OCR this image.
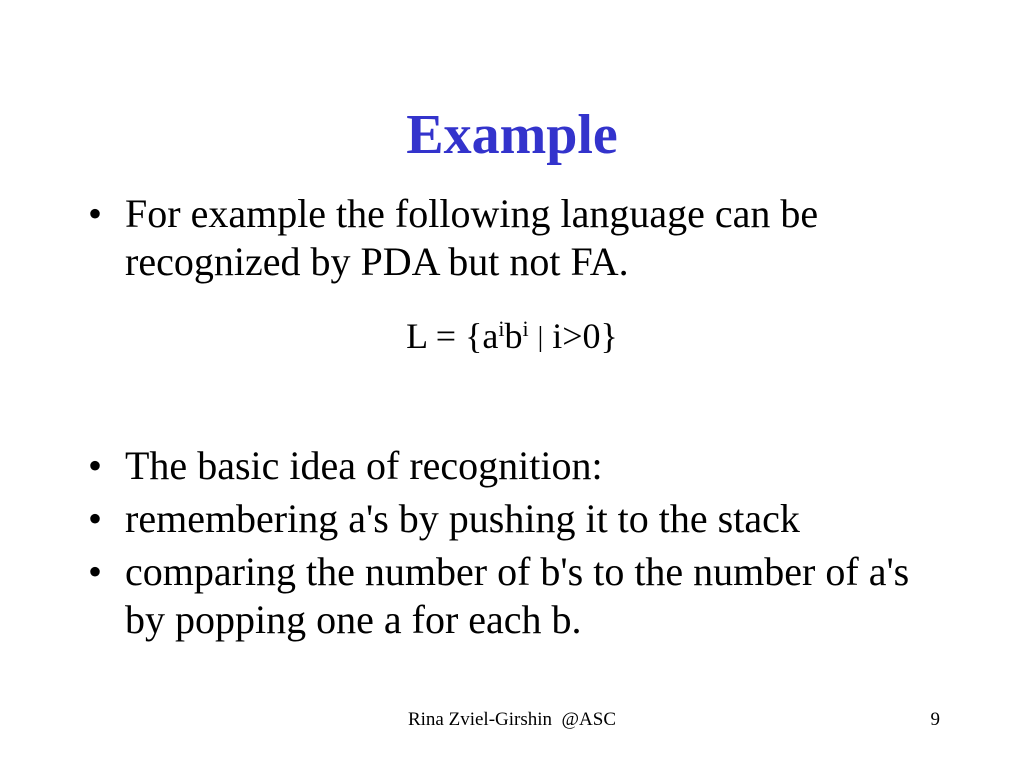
Example
• For example the following language can be recognized by PDA but not FA.
$L = \{a^ib^i$ | i>0}
• The basic idea of recognition:
• remembering a's by pushing it to the stack
• comparing the number of b's to the number of a's by popping one a for each b.
Rina Zviel-Girshin  @ASC	9
